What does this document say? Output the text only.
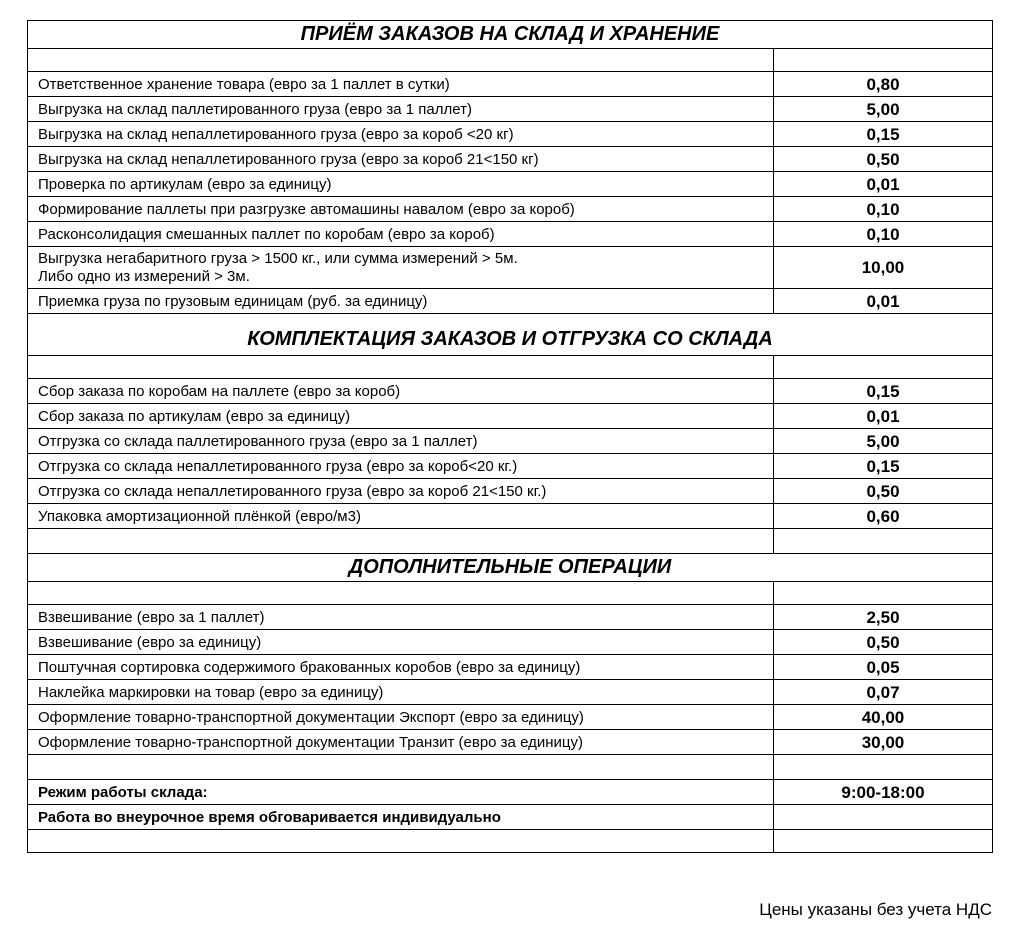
ПРИЁМ ЗАКАЗОВ НА СКЛАД И ХРАНЕНИЕ	

Ответственное хранение товара (евро за 1 паллет в сутки)	0,80
Выгрузка на склад паллетированного груза (евро за 1 паллет)	5,00
Выгрузка на склад непаллетированного груза (евро за короб <20 кг)	0,15
Выгрузка на склад непаллетированного груза (евро за короб 21<150 кг)	0,50
Проверка по артикулам (евро за единицу)	0,01
Формирование паллеты при разгрузке автомашины навалом (евро за короб)	0,10
Расконсолидация смешанных паллет по коробам (евро за короб)	0,10

Выгрузка негабаритного груза > 1500 кг., или сумма измерений > 5м.
Либо одно из измерений > 3м.	10,00
Приемка груза по грузовым единицам (руб. за единицу)	0,01
КОМПЛЕКТАЦИЯ ЗАКАЗОВ И ОТГРУЗКА СО СКЛАДА	

Сбор заказа по коробам на паллете (евро за короб)	0,15
Сбор заказа по артикулам (евро за единицу)	0,01
Отгрузка со склада паллетированного груза (евро за 1 паллет)	5,00
Отгрузка со склада непаллетированного груза (евро за короб<20 кг.)	0,15
Отгрузка со склада непаллетированного груза (евро за короб 21<150 кг.)	0,50
Упаковка амортизационной плёнкой (евро/м3)	0,60

ДОПОЛНИТЕЛЬНЫЕ ОПЕРАЦИИ	

Взвешивание (евро за 1 паллет)	2,50
Взвешивание (евро за единицу)	0,50
Поштучная сортировка содержимого бракованных коробов (евро за единицу)	0,05
Наклейка маркировки на товар (евро за единицу)	0,07
Оформление товарно-транспортной документации Экспорт (евро за единицу)	40,00
Оформление товарно-транспортной документации Транзит (евро за единицу)	30,00

Режим работы склада:	9:00-18:00
Работа во внеурочное время обговаривается индивидуально	

Цены указаны без учета НДС
